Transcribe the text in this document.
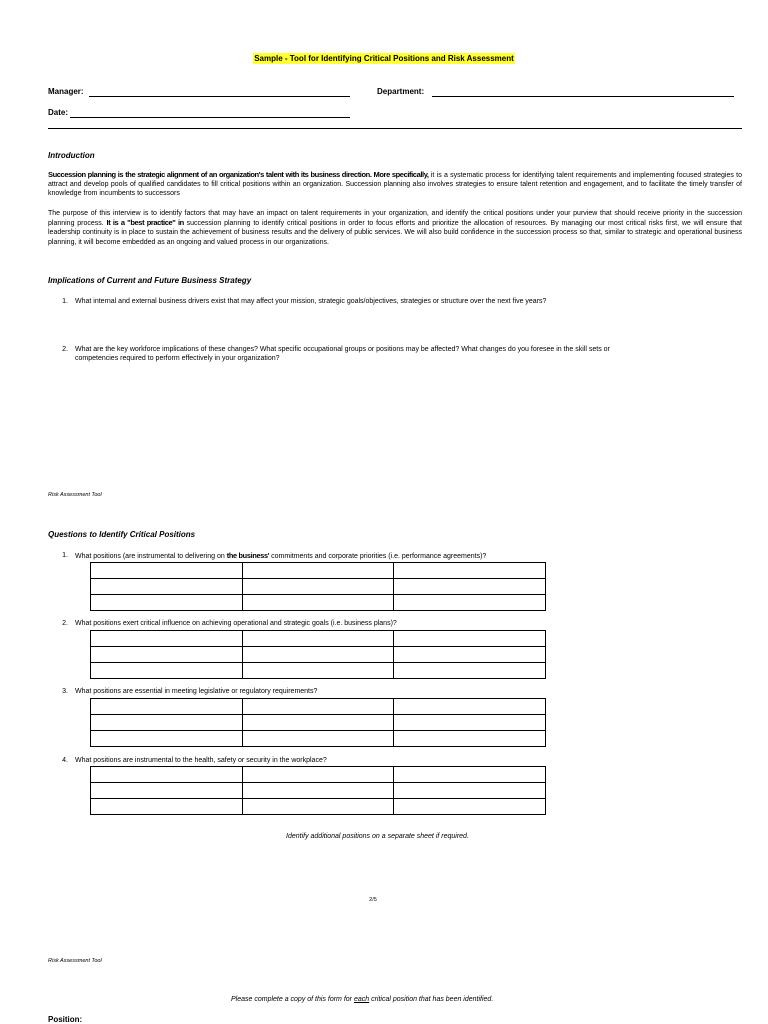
Sample - Tool for Identifying Critical Positions and Risk Assessment
Manager:	Department:
Date:
Introduction
Succession planning is the strategic alignment of an organization's talent with its business direction. More specifically, it is a systematic process for identifying talent requirements and implementing focused strategies to attract and develop pools of qualified candidates to fill critical positions within an organization. Succession planning also involves strategies to ensure talent retention and engagement, and to facilitate the timely transfer of knowledge from incumbents to successors
The purpose of this interview is to identify factors that may have an impact on talent requirements in your organization, and identify the critical positions under your purview that should receive priority in the succession planning process. It is a "best practice" in succession planning to identify critical positions in order to focus efforts and prioritize the allocation of resources. By managing our most critical risks first, we will ensure that leadership continuity is in place to sustain the achievement of business results and the delivery of public services. We will also build confidence in the succession process so that, similar to strategic and operational business planning, it will become embedded as an ongoing and valued process in our organizations.
Implications of Current and Future Business Strategy
1. What internal and external business drivers exist that may affect your mission, strategic goals/objectives, strategies or structure over the next five years?
2. What are the key workforce implications of these changes? What specific occupational groups or positions may be affected? What changes do you foresee in the skill sets or
competencies required to perform effectively in your organization?
Risk Assessment Tool
Questions to Identify Critical Positions
1. What positions (are instrumental to delivering on the business' commitments and corporate priorities (i.e. performance agreements)?

2. What positions exert critical influence on achieving operational and strategic goals (i.e. business plans)?

3. What positions are essential in meeting legislative or regulatory requirements?

4. What positions are instrumental to the health, safety or security in the workplace?

Identify additional positions on a separate sheet if required.
2/5
Risk Assessment Tool
Please complete a copy of this form for each critical position that has been identified.
Position:
